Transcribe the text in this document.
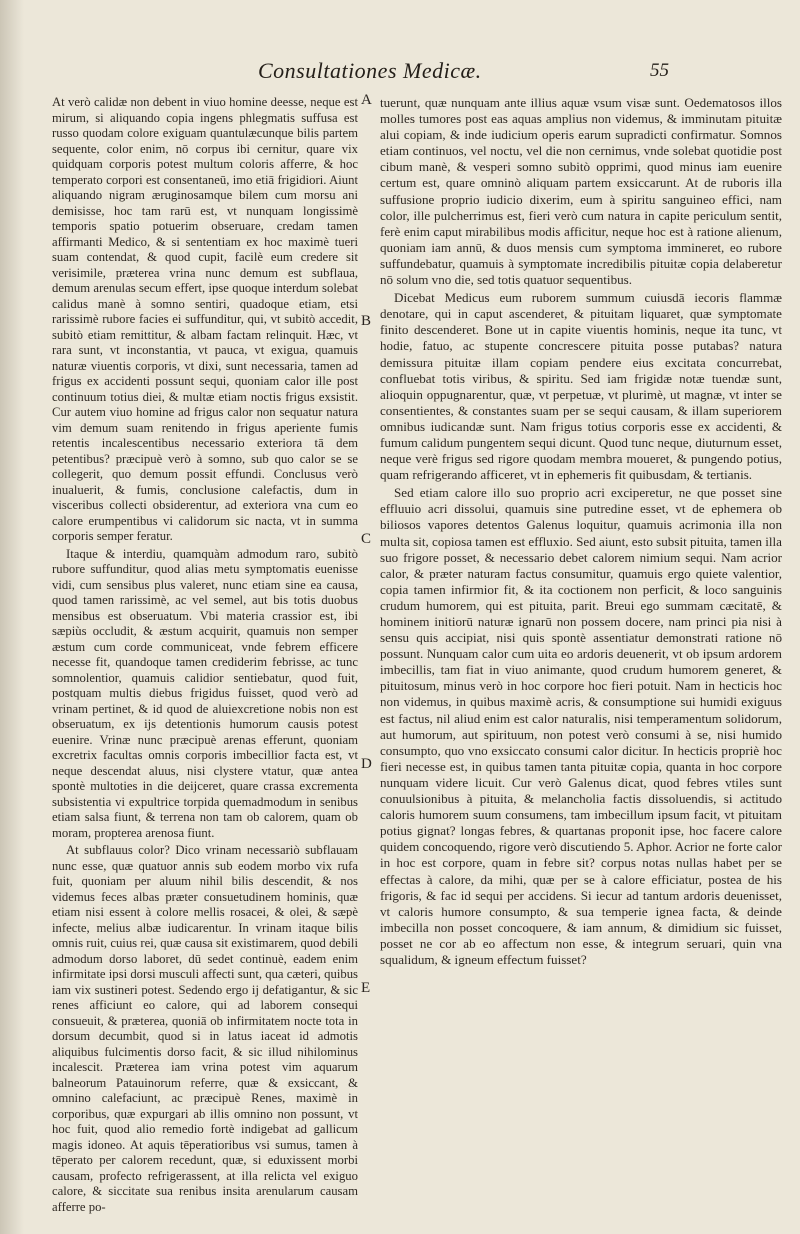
Consultationes Medicæ.	55

At verò calidæ non debent in viuo homine deesse, neque est mirum, si aliquando copia ingens phlegmatis suffusa est russo quodam colore exiguam quantulæcunque bilis partem sequente, color enim, nō corpus ibi cernitur, quare vix quidquam corporis potest multum coloris afferre, & hoc temperato corpori est consentaneū, imo etiā frigidiori. Aiunt aliquando nigram æruginosamque bilem cum morsu ani demisisse, hoc tam rarū est, vt nunquam longissimè temporis spatio potuerim obseruare, credam tamen affirmanti Medico, & si sententiam ex hoc maximè tueri suam contendat, & quod cupit, facilè eum credere sit verisimile, præterea vrina nunc demum est subflaua, demum arenulas secum effert, ipse quoque interdum solebat calidus manè à somno sentiri, quadoque etiam, etsi rarissimè rubore facies ei suffunditur, qui, vt subitò accedit, subitò etiam remittitur, & albam factam relinquit. Hæc, vt rara sunt, vt inconstantia, vt pauca, vt exigua, quamuis naturæ viuentis corporis, vt dixi, sunt necessaria, tamen ad frigus ex accidenti possunt sequi, quoniam calor ille post continuum totius diei, & multæ etiam noctis frigus exsistit. Cur autem viuo homine ad frigus calor non sequatur natura vim demum suam renitendo in frigus aperiente fumis retentis incalescentibus necessario exteriora tā dem petentibus? præcipuè verò à somno, sub quo calor se se collegerit, quo demum possit effundi. Conclusus verò inualuerit, & fumis, conclusione calefactis, dum in visceribus collecti obsiderentur, ad exteriora vna cum eo calore erumpentibus vi calidorum sic nacta, vt in summa corporis semper feratur.

Itaque & interdiu, quamquàm admodum raro, subitò rubore suffunditur, quod alias metu symptomatis euenisse vidi, cum sensibus plus valeret, nunc etiam sine ea causa, quod tamen rarissimè, ac vel semel, aut bis totis duobus mensibus est obseruatum. Vbi materia crassior est, ibi sæpiùs occludit, & æstum acquirit, quamuis non semper æstum cum corde communiceat, vnde febrem efficere necesse fit, quandoque tamen crediderim febrisse, ac tunc somnolentior, quamuis calidior sentiebatur, quod fuit, postquam multis diebus frigidus fuisset, quod verò ad vrinam pertinet, & id quod de aluiexcretione nobis non est obseruatum, ex ijs detentionis humorum causis potest euenire. Vrinæ nunc præcipuè arenas efferunt, quoniam excretrix facultas omnis corporis imbecillior facta est, vt neque descendat aluus, nisi clystere vtatur, quæ antea spontè multoties in die deijceret, quare crassa excrementa subsistentia vi expultrice torpida quemadmodum in senibus etiam salsa fiunt, & terrena non tam ob calorem, quam ob moram, propterea arenosa fiunt.

At subflauus color? Dico vrinam necessariò subflauam nunc esse, quæ quatuor annis sub eodem morbo vix rufa fuit, quoniam per aluum nihil bilis descendit, & nos videmus feces albas præter consuetudinem hominis, quæ etiam nisi essent à colore mellis rosacei, & olei, & sæpè infecte, melius albæ iudicarentur. In vrinam itaque bilis omnis ruit, cuius rei, quæ causa sit existimarem, quod debili admodum dorso laboret, dū sedet continuè, eadem enim infirmitate ipsi dorsi musculi affecti sunt, qua cæteri, quibus iam vix sustineri potest. Sedendo ergo ij defatigantur, & sic renes afficiunt eo calore, qui ad laborem consequi consueuit, & præterea, quoniā ob infirmitatem nocte tota in dorsum decumbit, quod si in latus iaceat id admotis aliquibus fulcimentis dorso facit, & sic illud nihilominus incalescit. Præterea iam vrina potest vim aquarum balneorum Patauinorum referre, quæ & exsiccant, & omnino calefaciunt, ac præcipuè Renes, maximè in corporibus, quæ expurgari ab illis omnino non possunt, vt hoc fuit, quod alio remedio fortè indigebat ad gallicum magis idoneo. At aquis tēperatioribus vsi sumus, tamen à tēperato per calorem recedunt, quæ, si eduxissent morbi causam, profecto refrigerassent, at illa relicta vel exiguo calore, & siccitate sua renibus insita arenularum causam afferre po-

A
B
C
D
E

tuerunt, quæ nunquam ante illius aquæ vsum visæ sunt. Oedematosos illos molles tumores post eas aquas amplius non videmus, & imminutam pituitæ alui copiam, & inde iudicium operis earum supradicti confirmatur. Somnos etiam continuos, vel noctu, vel die non cernimus, vnde solebat quotidie post cibum manè, & vesperi somno subitò opprimi, quod minus iam euenire certum est, quare omninò aliquam partem exsiccarunt. At de ruboris illa suffusione proprio iudicio dixerim, eum à spiritu sanguineo effici, nam color, ille pulcherrimus est, fieri verò cum natura in capite periculum sentit, ferè enim caput mirabilibus modis afficitur, neque hoc est à ratione alienum, quoniam iam annū, & duos mensis cum symptoma immineret, eo rubore suffundebatur, quamuis à symptomate incredibilis pituitæ copia delaberetur nō solum vno die, sed totis quatuor sequentibus.

Dicebat Medicus eum ruborem summum cuiusdā iecoris flammæ denotare, qui in caput ascenderet, & pituitam liquaret, quæ symptomate finito descenderet. Bone ut in capite viuentis hominis, neque ita tunc, vt hodie, fatuo, ac stupente concrescere pituita posse putabas? natura demissura pituitæ illam copiam pendere eius excitata concurrebat, confluebat totis viribus, & spiritu. Sed iam frigidæ notæ tuendæ sunt, alioquin oppugnarentur, quæ, vt perpetuæ, vt plurimè, ut magnæ, vt inter se consentientes, & constantes suam per se sequi causam, & illam superiorem omnibus iudicandæ sunt. Nam frigus totius corporis esse ex accidenti, & fumum calidum pungentem sequi dicunt. Quod tunc neque, diuturnum esset, neque verè frigus sed rigore quodam membra moueret, & pungendo potius, quam refrigerando afficeret, vt in ephemeris fit quibusdam, & tertianis.

Sed etiam calore illo suo proprio acri exciperetur, ne que posset sine effluuio acri dissolui, quamuis sine putredine esset, vt de ephemera ob biliosos vapores detentos Galenus loquitur, quamuis acrimonia illa non multa sit, copiosa tamen est effluxio. Sed aiunt, esto subsit pituita, tamen illa suo frigore posset, & necessario debet calorem nimium sequi. Nam acrior calor, & præter naturam factus consumitur, quamuis ergo quiete valentior, copia tamen infirmior fit, & ita coctionem non perficit, & loco sanguinis crudum humorem, qui est pituita, parit. Breui ego summam cæcitatē, & hominem initiorū naturæ ignarū non possem docere, nam princi pia nisi à sensu quis accipiat, nisi quis spontè assentiatur demonstrati ratione nō possunt. Nunquam calor cum uita eo ardoris deuenerit, vt ob ipsum ardorem imbecillis, tam fiat in viuo animante, quod crudum humorem generet, & pituitosum, minus verò in hoc corpore hoc fieri potuit. Nam in hecticis hoc non videmus, in quibus maximè acris, & consumptione sui humidi exiguus est factus, nil aliud enim est calor naturalis, nisi temperamentum solidorum, aut humorum, aut spirituum, non potest verò consumi à se, nisi humido consumpto, quo vno exsiccato consumi calor dicitur. In hecticis propriè hoc fieri necesse est, in quibus tamen tanta pituitæ copia, quanta in hoc corpore nunquam videre licuit. Cur verò Galenus dicat, quod febres vtiles sunt conuulsionibus à pituita, & melancholia factis dissoluendis, si actitudo caloris humorem suum consumens, tam imbecillum ipsum facit, vt pituitam potius gignat? longas febres, & quartanas proponit ipse, hoc facere calore quidem concoquendo, rigore verò discutiendo 5. Aphor. Acrior ne forte calor in hoc est corpore, quam in febre sit? corpus notas nullas habet per se effectas à calore, da mihi, quæ per se à calore efficiatur, postea de his frigoris, & fac id sequi per accidens. Si iecur ad tantum ardoris deuenisset, vt caloris humore consumpto, & sua temperie ignea facta, & deinde imbecilla non posset concoquere, & iam annum, & dimidium sic fuisset, posset ne cor ab eo affectum non esse, & integrum seruari, quin vna squalidum, & igneum effectum fuisset?
